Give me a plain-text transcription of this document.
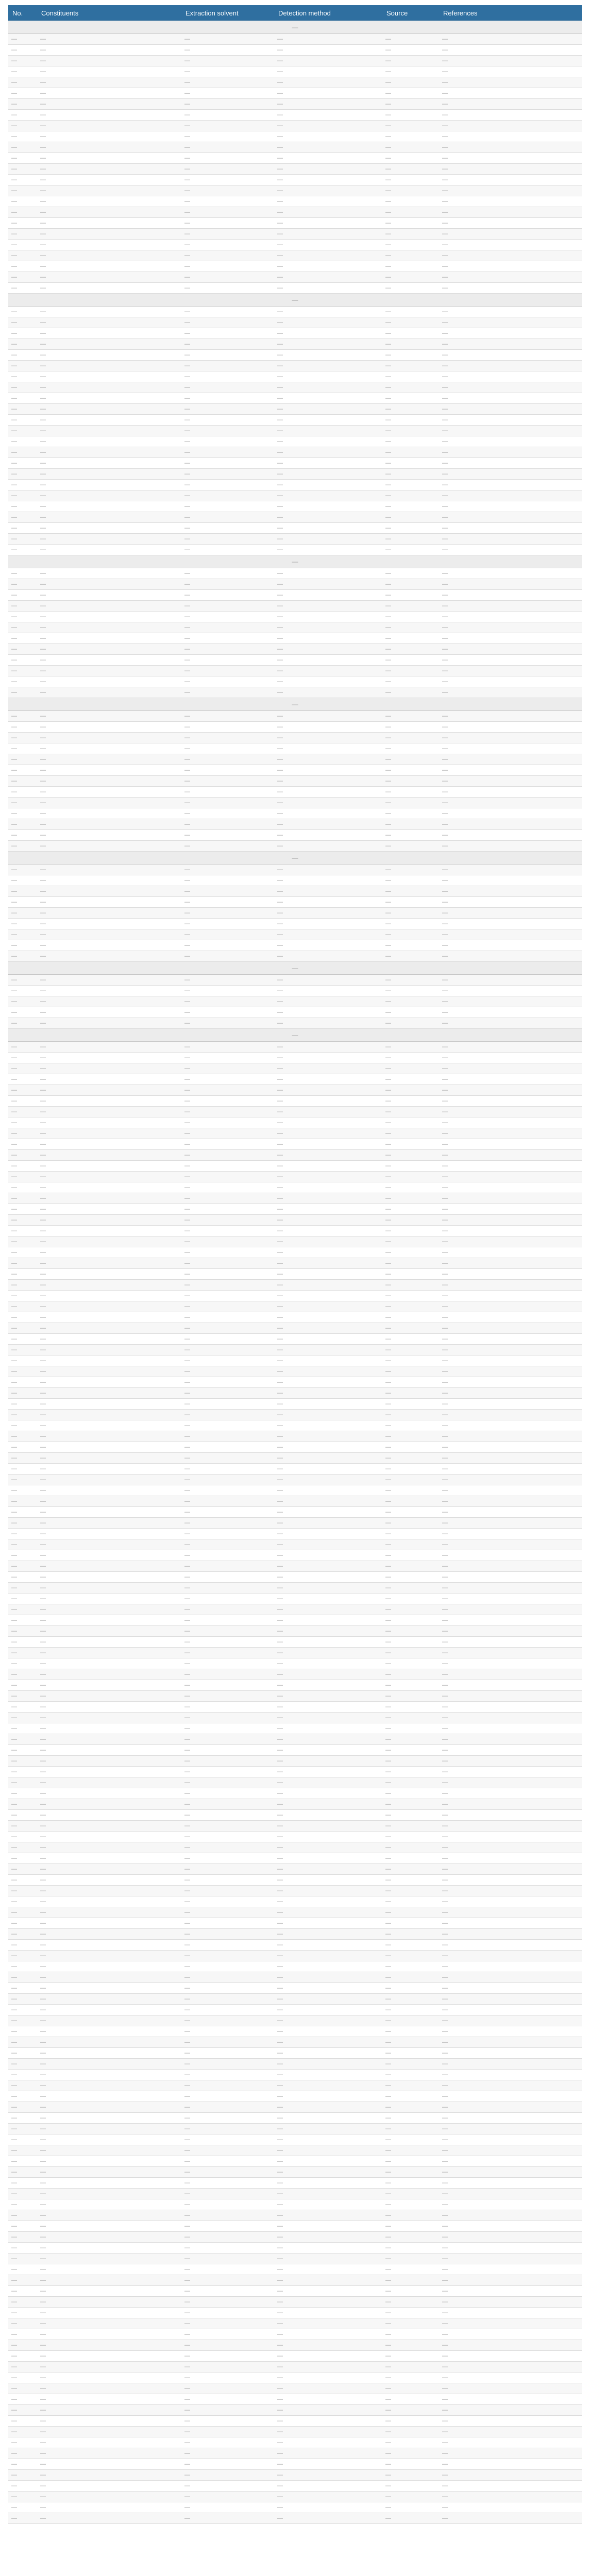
No.	Constituents	Extraction solvent	Detection method	Source	References
—					
—	—	—	—	—	—
—	—	—	—	—	—
—	—	—	—	—	—
—	—	—	—	—	—
—	—	—	—	—	—
—	—	—	—	—	—
—	—	—	—	—	—
—	—	—	—	—	—
—	—	—	—	—	—
—	—	—	—	—	—
—	—	—	—	—	—
—	—	—	—	—	—
—	—	—	—	—	—
—	—	—	—	—	—
—	—	—	—	—	—
—	—	—	—	—	—
—	—	—	—	—	—
—	—	—	—	—	—
—	—	—	—	—	—
—	—	—	—	—	—
—	—	—	—	—	—
—	—	—	—	—	—
—	—	—	—	—	—
—	—	—	—	—	—
—					
—	—	—	—	—	—
—	—	—	—	—	—
—	—	—	—	—	—
—	—	—	—	—	—
—	—	—	—	—	—
—	—	—	—	—	—
—	—	—	—	—	—
—	—	—	—	—	—
—	—	—	—	—	—
—	—	—	—	—	—
—	—	—	—	—	—
—	—	—	—	—	—
—	—	—	—	—	—
—	—	—	—	—	—
—	—	—	—	—	—
—	—	—	—	—	—
—	—	—	—	—	—
—	—	—	—	—	—
—	—	—	—	—	—
—	—	—	—	—	—
—	—	—	—	—	—
—	—	—	—	—	—
—	—	—	—	—	—
—					
—	—	—	—	—	—
—	—	—	—	—	—
—	—	—	—	—	—
—	—	—	—	—	—
—	—	—	—	—	—
—	—	—	—	—	—
—	—	—	—	—	—
—	—	—	—	—	—
—	—	—	—	—	—
—	—	—	—	—	—
—	—	—	—	—	—
—	—	—	—	—	—
—					
—	—	—	—	—	—
—	—	—	—	—	—
—	—	—	—	—	—
—	—	—	—	—	—
—	—	—	—	—	—
—	—	—	—	—	—
—	—	—	—	—	—
—	—	—	—	—	—
—	—	—	—	—	—
—	—	—	—	—	—
—	—	—	—	—	—
—	—	—	—	—	—
—	—	—	—	—	—
—					
—	—	—	—	—	—
—	—	—	—	—	—
—	—	—	—	—	—
—	—	—	—	—	—
—	—	—	—	—	—
—	—	—	—	—	—
—	—	—	—	—	—
—	—	—	—	—	—
—	—	—	—	—	—
—					
—	—	—	—	—	—
—	—	—	—	—	—
—	—	—	—	—	—
—	—	—	—	—	—
—	—	—	—	—	—
—					
—	—	—	—	—	—
—	—	—	—	—	—
—	—	—	—	—	—
—	—	—	—	—	—
—	—	—	—	—	—
—	—	—	—	—	—
—	—	—	—	—	—
—	—	—	—	—	—
—	—	—	—	—	—
—	—	—	—	—	—
—	—	—	—	—	—
—	—	—	—	—	—
—	—	—	—	—	—
—	—	—	—	—	—
—	—	—	—	—	—
—	—	—	—	—	—
—	—	—	—	—	—
—	—	—	—	—	—
—	—	—	—	—	—
—	—	—	—	—	—
—	—	—	—	—	—
—	—	—	—	—	—
—	—	—	—	—	—
—	—	—	—	—	—
—	—	—	—	—	—
—	—	—	—	—	—
—	—	—	—	—	—
—	—	—	—	—	—
—	—	—	—	—	—
—	—	—	—	—	—
—	—	—	—	—	—
—	—	—	—	—	—
—	—	—	—	—	—
—	—	—	—	—	—
—	—	—	—	—	—
—	—	—	—	—	—
—	—	—	—	—	—
—	—	—	—	—	—
—	—	—	—	—	—
—	—	—	—	—	—
—	—	—	—	—	—
—	—	—	—	—	—
—	—	—	—	—	—
—	—	—	—	—	—
—	—	—	—	—	—
—	—	—	—	—	—
—	—	—	—	—	—
—	—	—	—	—	—
—	—	—	—	—	—
—	—	—	—	—	—
—	—	—	—	—	—
—	—	—	—	—	—
—	—	—	—	—	—
—	—	—	—	—	—
—	—	—	—	—	—
—	—	—	—	—	—
—	—	—	—	—	—
—	—	—	—	—	—
—	—	—	—	—	—
—	—	—	—	—	—
—	—	—	—	—	—
—	—	—	—	—	—
—	—	—	—	—	—
—	—	—	—	—	—
—	—	—	—	—	—
—	—	—	—	—	—
—	—	—	—	—	—
—	—	—	—	—	—
—	—	—	—	—	—
—	—	—	—	—	—
—	—	—	—	—	—
—	—	—	—	—	—
—	—	—	—	—	—
—	—	—	—	—	—
—	—	—	—	—	—
—	—	—	—	—	—
—	—	—	—	—	—
—	—	—	—	—	—
—	—	—	—	—	—
—	—	—	—	—	—
—	—	—	—	—	—
—	—	—	—	—	—
—	—	—	—	—	—
—	—	—	—	—	—
—	—	—	—	—	—
—	—	—	—	—	—
—	—	—	—	—	—
—	—	—	—	—	—
—	—	—	—	—	—
—	—	—	—	—	—
—	—	—	—	—	—
—	—	—	—	—	—
—	—	—	—	—	—
—	—	—	—	—	—
—	—	—	—	—	—
—	—	—	—	—	—
—	—	—	—	—	—
—	—	—	—	—	—
—	—	—	—	—	—
—	—	—	—	—	—
—	—	—	—	—	—
—	—	—	—	—	—
—	—	—	—	—	—
—	—	—	—	—	—
—	—	—	—	—	—
—	—	—	—	—	—
—	—	—	—	—	—
—	—	—	—	—	—
—	—	—	—	—	—
—	—	—	—	—	—
—	—	—	—	—	—
—	—	—	—	—	—
—	—	—	—	—	—
—	—	—	—	—	—
—	—	—	—	—	—
—	—	—	—	—	—
—	—	—	—	—	—
—	—	—	—	—	—
—	—	—	—	—	—
—	—	—	—	—	—
—	—	—	—	—	—
—	—	—	—	—	—
—	—	—	—	—	—
—	—	—	—	—	—
—	—	—	—	—	—
—	—	—	—	—	—
—	—	—	—	—	—
—	—	—	—	—	—
—	—	—	—	—	—
—	—	—	—	—	—
—	—	—	—	—	—
—	—	—	—	—	—
—	—	—	—	—	—
—	—	—	—	—	—
—	—	—	—	—	—
—	—	—	—	—	—
—	—	—	—	—	—
